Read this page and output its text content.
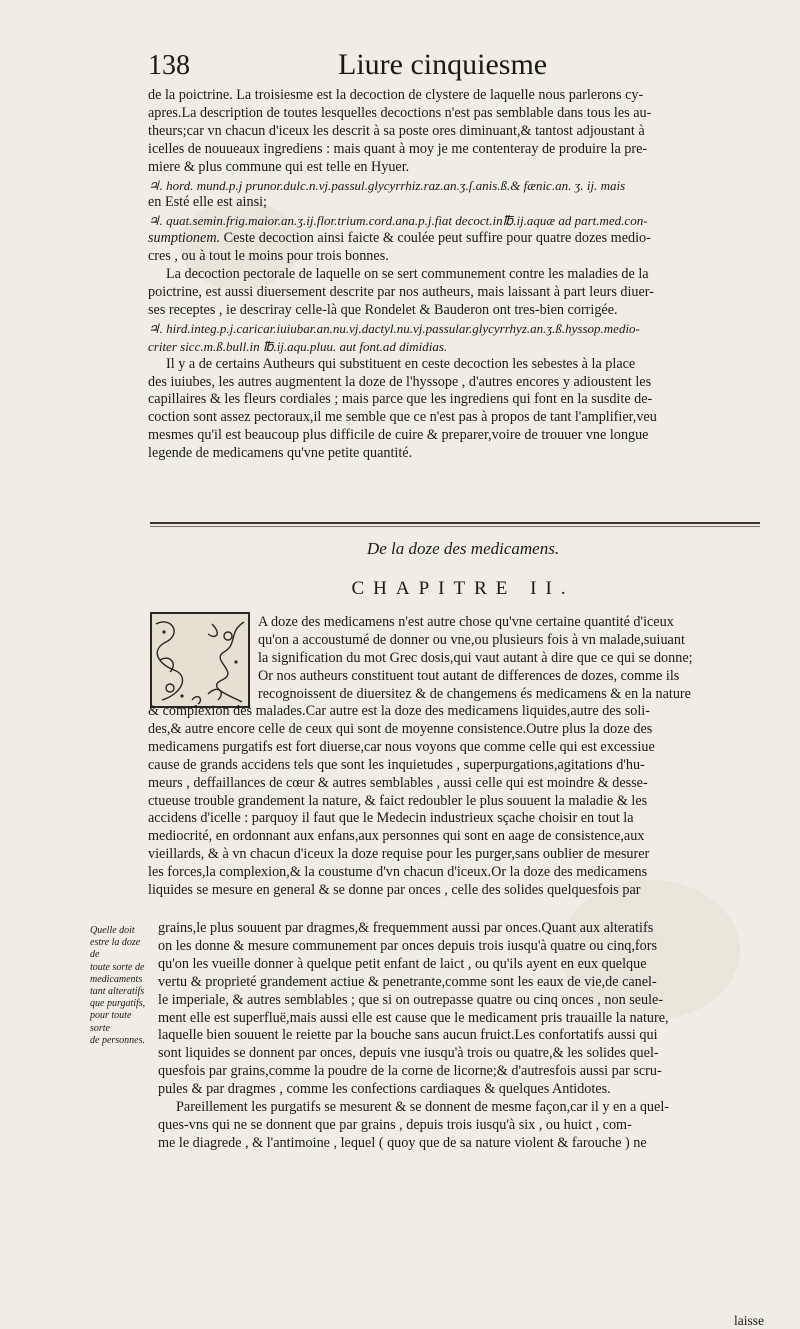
138	Liure cinquiesme

de la poictrine. La troisiesme est la decoction de clystere de laquelle nous parlerons cy-

apres.La description de toutes lesquelles decoctions n'est pas semblable dans tous les au-

theurs;car vn chacun d'iceux les descrit à sa poste ores diminuant,& tantost adjoustant à

icelles de nouueaux ingrediens : mais quant à moy je me contenteray de produire la pre-

miere & plus commune qui est telle en Hyuer.

♃. hord. mund.p.j prunor.dulc.n.vj.passul.glycyrrhiz.raz.an.ʒ.ſ.anis.ß.& fænic.an. ʒ. ij. mais

en Esté elle est ainsi;

♃. quat.semin.frig.maior.an.ʒ.ij.flor.trium.cord.ana.p.j.fiat decoct.in℔.ij.aquæ ad part.med.con-

sumptionem. Ceste decoction ainsi faicte & coulée peut suffire pour quatre dozes medio-

cres , ou à tout le moins pour trois bonnes.

La decoction pectorale de laquelle on se sert communement contre les maladies de la

poictrine, est aussi diuersement descrite par nos autheurs, mais laissant à part leurs diuer-

ses receptes , ie descriray celle-là que Rondelet & Bauderon ont tres-bien corrigée.

♃. hird.integ.p.j.caricar.iuiubar.an.nu.vj.dactyl.nu.vj.passular.glycyrrhyz.an.ʒ.ß.hyssop.medio-

criter sicc.m.ß.bull.in ℔.ij.aqu.pluu. aut font.ad dimidias.

Il y a de certains Autheurs qui substituent en ceste decoction les sebestes à la place

des iuiubes, les autres augmentent la doze de l'hyssope , d'autres encores y adioustent les

capillaires & les fleurs cordiales ; mais parce que les ingrediens qui font en la susdite de-

coction sont assez pectoraux,il me semble que ce n'est pas à propos de tant l'amplifier,veu

mesmes qu'il est beaucoup plus difficile de cuire & preparer,voire de trouuer vne longue

legende de medicamens qu'vne petite quantité.

De la doze des medicamens.
CHAPITRE II.

A doze des medicamens n'est autre chose qu'vne certaine quantité d'iceux

qu'on a accoustumé de donner ou vne,ou plusieurs fois à vn malade,suiuant

la signification du mot Grec dosis,qui vaut autant à dire que ce qui se donne;

Or nos autheurs constituent tout autant de differences de dozes, comme ils

recognoissent de diuersitez & de changemens és medicamens & en la nature

& complexion des malades.Car autre est la doze des medicamens liquides,autre des soli-

des,& autre encore celle de ceux qui sont de moyenne consistence.Outre plus la doze des

medicamens purgatifs est fort diuerse,car nous voyons que comme celle qui est excessiue

cause de grands accidens tels que sont les inquietudes , superpurgations,agitations d'hu-

meurs , deffaillances de cœur & autres semblables , aussi celle qui est moindre & desse-

ctueuse trouble grandement la nature, & faict redoubler le plus souuent la maladie & les

accidens d'icelle : parquoy il faut que le Medecin industrieux sçache choisir en tout la

mediocrité, en ordonnant aux enfans,aux personnes qui sont en aage de consistence,aux

vieillards, & à vn chacun d'iceux la doze requise pour les purger,sans oublier de mesurer

les forces,la complexion,& la coustume d'vn chacun d'iceux.Or la doze des medicamens

liquides se mesure en general & se donne par onces , celle des solides quelquesfois par

Quelle doit
estre la doze de
toute sorte de
medicaments
tant alteratifs
que purgatifs,
pour toute sorte
de personnes.

grains,le plus souuent par dragmes,& frequemment aussi par onces.Quant aux alteratifs

on les donne & mesure communement par onces depuis trois iusqu'à quatre ou cinq,fors

qu'on les vueille donner à quelque petit enfant de laict , ou qu'ils ayent en eux quelque

vertu & proprieté grandement actiue & penetrante,comme sont les eaux de vie,de canel-

le imperiale, & autres semblables ; que si on outrepasse quatre ou cinq onces , non seule-

ment elle est superfluë,mais aussi elle est cause que le medicament pris trauaille la nature,

laquelle bien souuent le reiette par la bouche sans aucun fruict.Les confortatifs aussi qui

sont liquides se donnent par onces, depuis vne iusqu'à trois ou quatre,& les solides quel-

quesfois par grains,comme la poudre de la corne de licorne;& d'autresfois aussi par scru-

pules & par dragmes , comme les confections cardiaques & quelques Antidotes.

Pareillement les purgatifs se mesurent & se donnent de mesme façon,car il y en a quel-

ques-vns qui ne se donnent que par grains , depuis trois iusqu'à six , ou huict , com-

me le diagrede , & l'antimoine , lequel ( quoy que de sa nature violent & farouche ) ne

laisse
